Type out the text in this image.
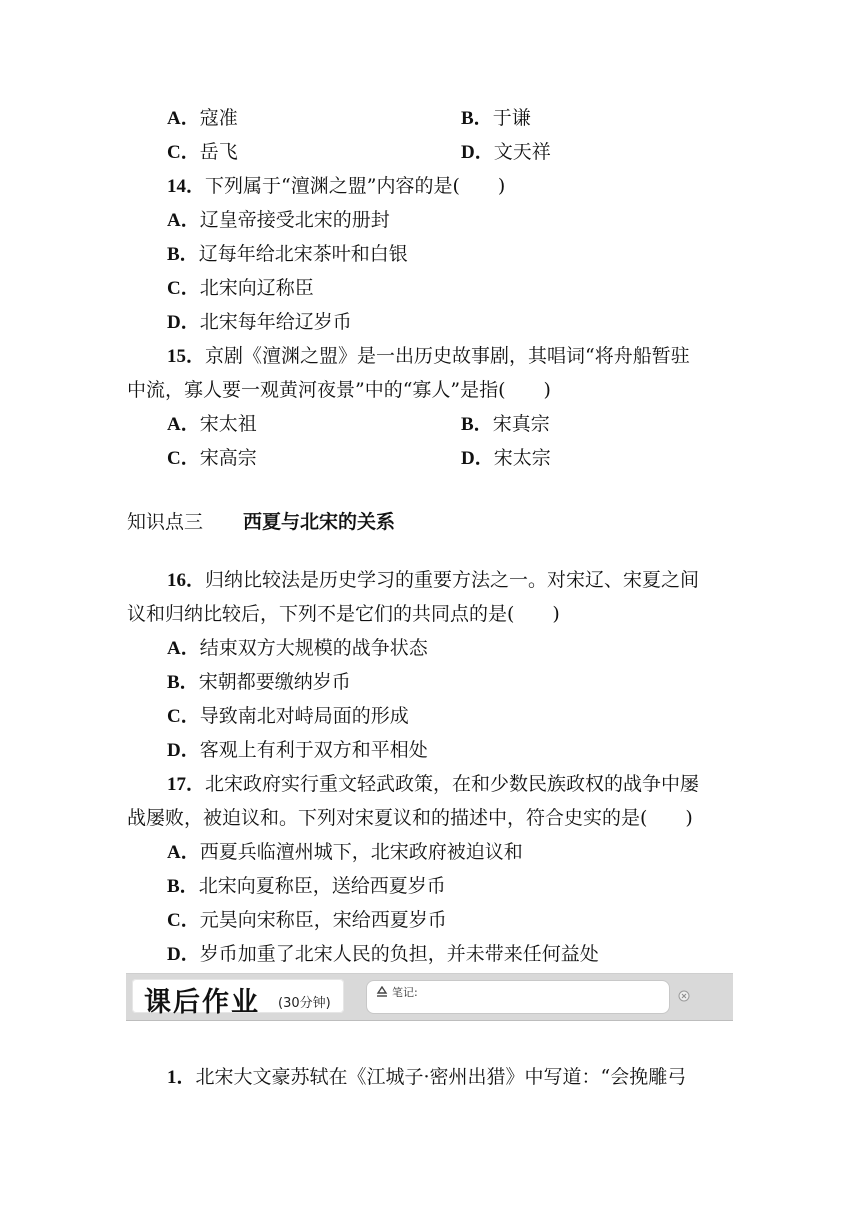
A．寇准	B．于谦
C．岳飞	D．文天祥
14．下列属于“澶渊之盟”内容的是(　　)
A．辽皇帝接受北宋的册封
B．辽每年给北宋茶叶和白银
C．北宋向辽称臣
D．北宋每年给辽岁币
15．京剧《澶渊之盟》是一出历史故事剧，其唱词“将舟船暂驻
中流，寡人要一观黄河夜景”中的“寡人”是指(　　)
A．宋太祖	B．宋真宗
C．宋高宗	D．宋太宗
知识点三 西夏与北宋的关系
16．归纳比较法是历史学习的重要方法之一。对宋辽、宋夏之间
议和归纳比较后，下列不是它们的共同点的是(　　)
A．结束双方大规模的战争状态
B．宋朝都要缴纳岁币
C．导致南北对峙局面的形成
D．客观上有利于双方和平相处
17．北宋政府实行重文轻武政策，在和少数民族政权的战争中屡
战屡败，被迫议和。下列对宋夏议和的描述中，符合史实的是(　　)
A．西夏兵临澶州城下，北宋政府被迫议和
B．北宋向夏称臣，送给西夏岁币
C．元昊向宋称臣，宋给西夏岁币
D．岁币加重了北宋人民的负担，并未带来任何益处
课后作业 (30分钟)
笔记:
1．北宋大文豪苏轼在《江城子·密州出猎》中写道：“会挽雕弓
